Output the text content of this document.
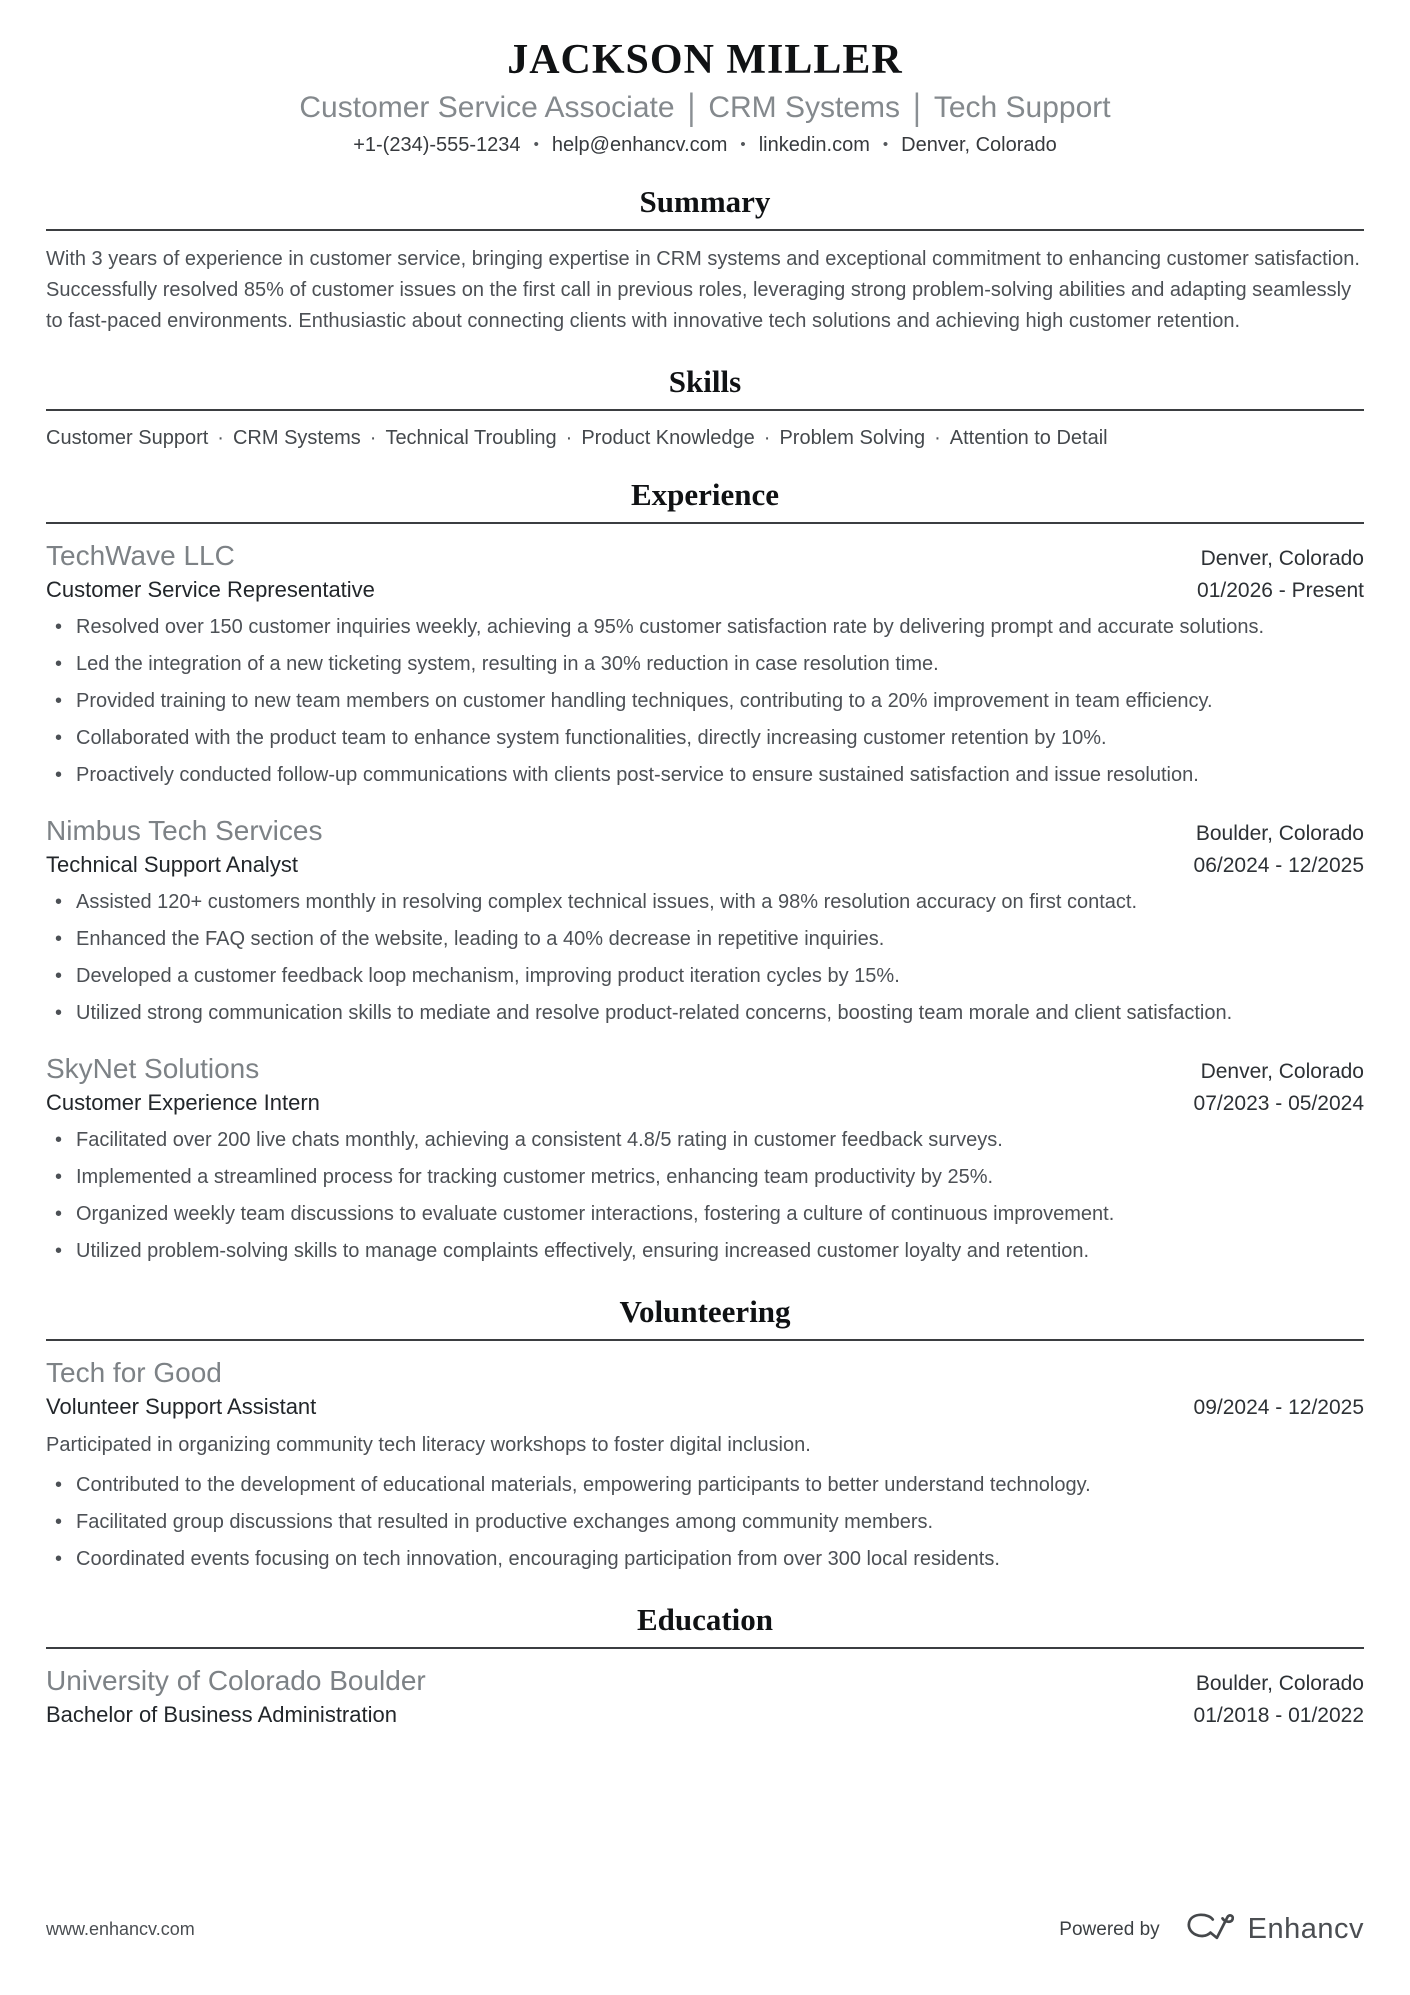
JACKSON MILLER
Customer Service Associate | CRM Systems | Tech Support
+1-(234)-555-1234 • help@enhancv.com • linkedin.com • Denver, Colorado
Summary

With 3 years of experience in customer service, bringing expertise in CRM systems and exceptional commitment to enhancing customer satisfaction. Successfully resolved 85% of customer issues on the first call in previous roles, leveraging strong problem-solving abilities and adapting seamlessly to fast-paced environments. Enthusiastic about connecting clients with innovative tech solutions and achieving high customer retention.

Skills
Customer Support · CRM Systems · Technical Troubling · Product Knowledge · Problem Solving · Attention to Detail
Experience
TechWave LLC	Denver, Colorado
Customer Service Representative	01/2026 - Present
• Resolved over 150 customer inquiries weekly, achieving a 95% customer satisfaction rate by delivering prompt and accurate solutions.
• Led the integration of a new ticketing system, resulting in a 30% reduction in case resolution time.
• Provided training to new team members on customer handling techniques, contributing to a 20% improvement in team efficiency.
• Collaborated with the product team to enhance system functionalities, directly increasing customer retention by 10%.
• Proactively conducted follow-up communications with clients post-service to ensure sustained satisfaction and issue resolution.
Nimbus Tech Services	Boulder, Colorado
Technical Support Analyst	06/2024 - 12/2025
• Assisted 120+ customers monthly in resolving complex technical issues, with a 98% resolution accuracy on first contact.
• Enhanced the FAQ section of the website, leading to a 40% decrease in repetitive inquiries.
• Developed a customer feedback loop mechanism, improving product iteration cycles by 15%.
• Utilized strong communication skills to mediate and resolve product-related concerns, boosting team morale and client satisfaction.
SkyNet Solutions	Denver, Colorado
Customer Experience Intern	07/2023 - 05/2024
• Facilitated over 200 live chats monthly, achieving a consistent 4.8/5 rating in customer feedback surveys.
• Implemented a streamlined process for tracking customer metrics, enhancing team productivity by 25%.
• Organized weekly team discussions to evaluate customer interactions, fostering a culture of continuous improvement.
• Utilized problem-solving skills to manage complaints effectively, ensuring increased customer loyalty and retention.
Volunteering
Tech for Good
Volunteer Support Assistant	09/2024 - 12/2025

Participated in organizing community tech literacy workshops to foster digital inclusion.

• Contributed to the development of educational materials, empowering participants to better understand technology.
• Facilitated group discussions that resulted in productive exchanges among community members.
• Coordinated events focusing on tech innovation, encouraging participation from over 300 local residents.
Education
University of Colorado Boulder	Boulder, Colorado
Bachelor of Business Administration	01/2018 - 01/2022
www.enhancv.com	Powered by	Enhancv
